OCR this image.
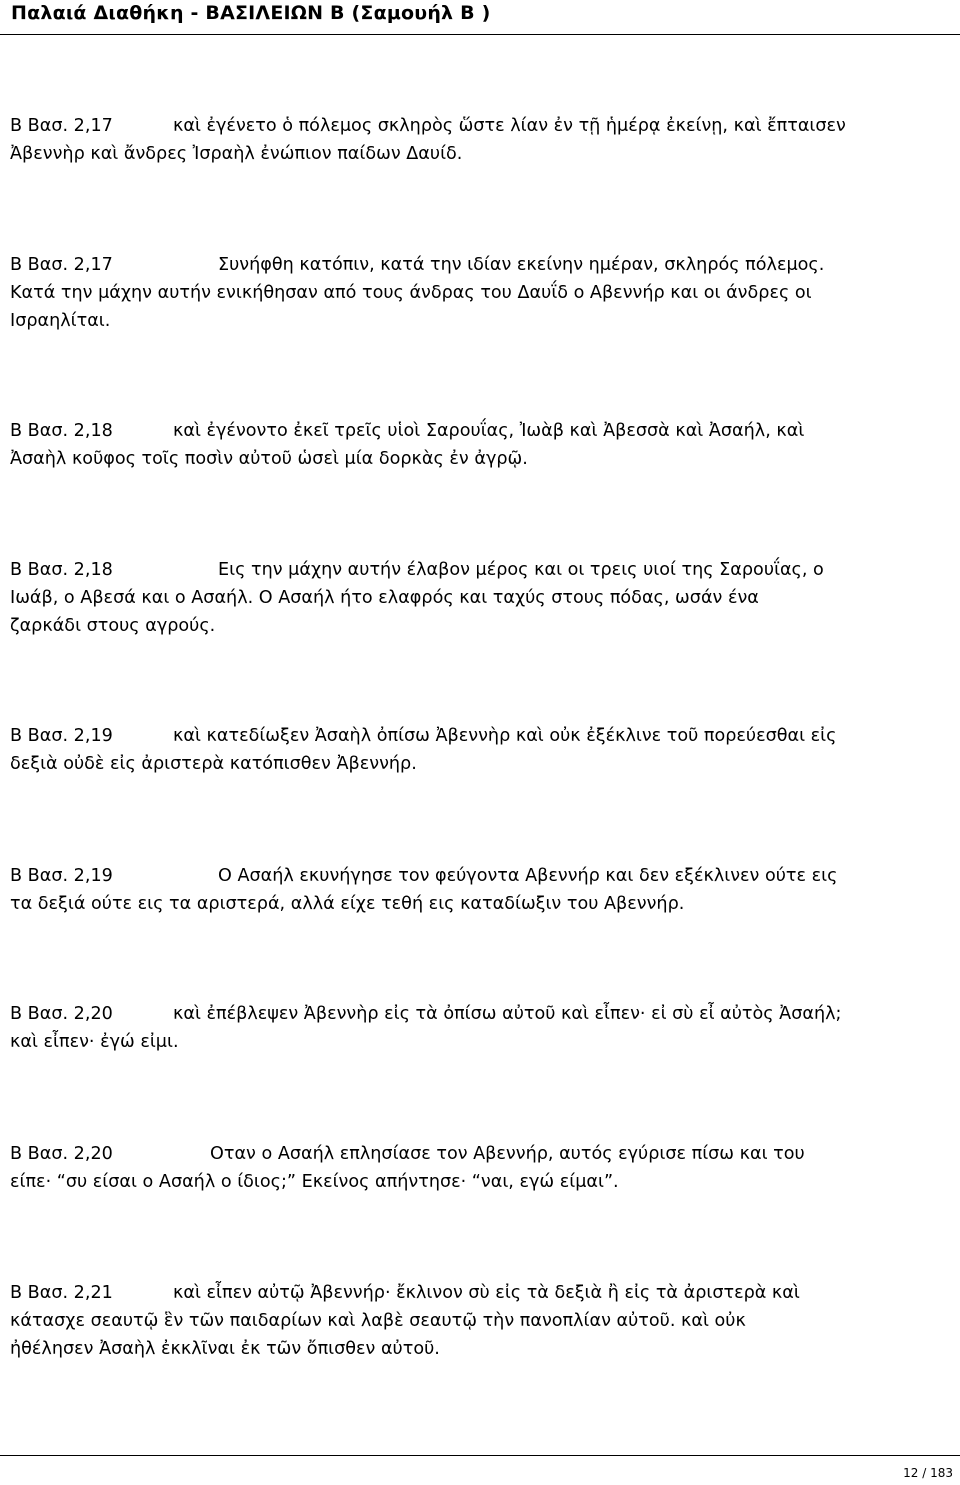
Παλαιά Διαθήκη - ΒΑΣΙΛΕΙΩΝ Β (Σαμουήλ Β )
Β Βασ. 2,17	καὶ ἐγένετο ὁ πόλεμος σκληρὸς ὥστε λίαν ἐν τῇ ἡμέρᾳ ἐκείνῃ, καὶ ἔπταισεν
Ἀβεννὴρ καὶ ἄνδρες Ἰσραὴλ ἐνώπιον παίδων Δαυίδ.
Β Βασ. 2,17	Συνήφθη κατόπιν, κατά την ιδίαν εκείνην ημέραν, σκληρός πόλεμος.
Κατά την μάχην αυτήν ενικήθησαν από τους άνδρας του Δαυΐδ ο Αβεννήρ και οι άνδρες οι
Ισραηλίται.
Β Βασ. 2,18	καὶ ἐγένοντο ἐκεῖ τρεῖς υἱοὶ Σαρουΐας, Ἰωὰβ καὶ Ἀβεσσὰ καὶ Ἀσαήλ, καὶ
Ἀσαὴλ κοῦφος τοῖς ποσὶν αὐτοῦ ὡσεὶ μία δορκὰς ἐν ἀγρῷ.
Β Βασ. 2,18	Εις την μάχην αυτήν έλαβον μέρος και οι τρεις υιοί της Σαρουΐας, ο
Ιωάβ, ο Αβεσά και ο Ασαήλ. Ο Ασαήλ ήτο ελαφρός και ταχύς στους πόδας, ωσάν ένα
ζαρκάδι στους αγρούς.
Β Βασ. 2,19	καὶ κατεδίωξεν Ἀσαὴλ ὀπίσω Ἀβεννὴρ καὶ οὐκ ἐξέκλινε τοῦ πορεύεσθαι εἰς
δεξιὰ οὐδὲ εἰς ἀριστερὰ κατόπισθεν Ἀβεννήρ.
Β Βασ. 2,19	Ο Ασαήλ εκυνήγησε τον φεύγοντα Αβεννήρ και δεν εξέκλινεν ούτε εις
τα δεξιά ούτε εις τα αριστερά, αλλά είχε τεθή εις καταδίωξιν του Αβεννήρ.
Β Βασ. 2,20	καὶ ἐπέβλεψεν Ἀβεννὴρ εἰς τὰ ὀπίσω αὐτοῦ καὶ εἶπεν· εἰ σὺ εἶ αὐτὸς Ἀσαήλ;
καὶ εἶπεν· ἐγώ εἰμι.
Β Βασ. 2,20	Οταν ο Ασαήλ επλησίασε τον Αβεννήρ, αυτός εγύρισε πίσω και του
είπε· “συ είσαι ο Ασαήλ ο ίδιος;” Εκείνος απήντησε· “ναι, εγώ είμαι”.
Β Βασ. 2,21	καὶ εἶπεν αὐτῷ Ἀβεννήρ· ἔκλινον σὺ εἰς τὰ δεξιὰ ἢ εἰς τὰ ἀριστερὰ καὶ
κάτασχε σεαυτῷ ἓν τῶν παιδαρίων καὶ λαβὲ σεαυτῷ τὴν πανοπλίαν αὐτοῦ. καὶ οὐκ
ἠθέλησεν Ἀσαὴλ ἐκκλῖναι ἐκ τῶν ὄπισθεν αὐτοῦ.
12 / 183
